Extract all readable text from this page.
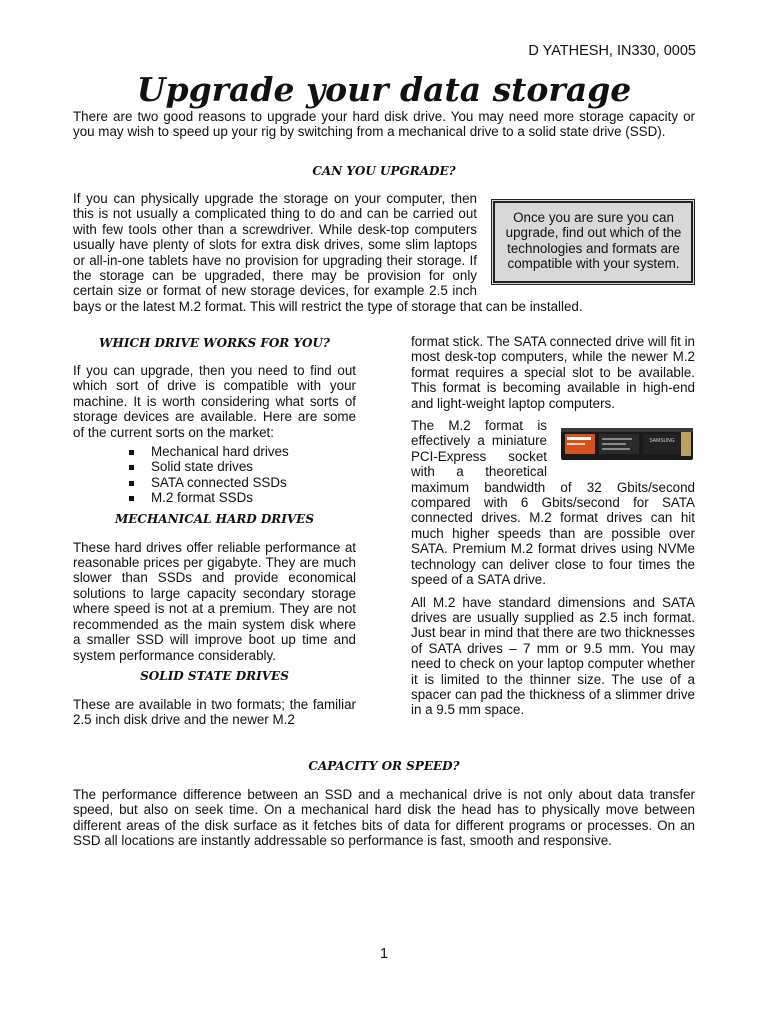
D YATHESH, IN330, 0005
Upgrade your data storage

There are two good reasons to upgrade your hard disk drive. You may need more storage capacity or you may wish to speed up your rig by switching from a mechanical drive to a solid state drive (SSD).

CAN YOU UPGRADE?
Once you are sure you can upgrade, find out which of the technologies and formats are compatible with your system.

If you can physically upgrade the storage on your computer, then this is not usually a complicated thing to do and can be carried out with few tools other than a screwdriver. While desk-top computers usually have plenty of slots for extra disk drives, some slim laptops or all-in-one tablets have no provision for upgrading their storage. If the storage can be upgraded, there may be provision for only certain size or format of new storage devices, for example 2.5 inch bays or the latest M.2 format. This will restrict the type of storage that can be installed.

WHICH DRIVE WORKS FOR YOU?

If you can upgrade, then you need to find out which sort of drive is compatible with your machine. It is worth considering what sorts of storage devices are available. Here are some of the current sorts on the market:

Mechanical hard drives
Solid state drives
SATA connected SSDs
M.2 format SSDs
MECHANICAL HARD DRIVES

These hard drives offer reliable performance at reasonable prices per gigabyte. They are much slower than SSDs and provide economical solutions to large capacity secondary storage where speed is not at a premium. They are not recommended as the main system disk where a smaller SSD will improve boot up time and system performance considerably.

SOLID STATE DRIVES

These are available in two formats; the familiar 2.5 inch disk drive and the newer M.2

format stick. The SATA connected drive will fit in most desk-top computers, while the newer M.2 format requires a special slot to be available. This format is becoming available in high-end and light-weight laptop computers.

SAMSUNG

The M.2 format is effectively a miniature PCI-Express socket with a theoretical maximum bandwidth of 32 Gbits/second compared with 6 Gbits/second for SATA connected drives. M.2 format drives can hit much higher speeds than are possible over SATA. Premium M.2 format drives using NVMe technology can deliver close to four times the speed of a SATA drive.

All M.2 have standard dimensions and SATA drives are usually supplied as 2.5 inch format. Just bear in mind that there are two thicknesses of SATA drives – 7 mm or 9.5 mm. You may need to check on your laptop computer whether it is limited to the thinner size. The use of a spacer can pad the thickness of a slimmer drive in a 9.5 mm space.

CAPACITY OR SPEED?

The performance difference between an SSD and a mechanical drive is not only about data transfer speed, but also on seek time. On a mechanical hard disk the head has to physically move between different areas of the disk surface as it fetches bits of data for different programs or processes. On an SSD all locations are instantly addressable so performance is fast, smooth and responsive.

1
